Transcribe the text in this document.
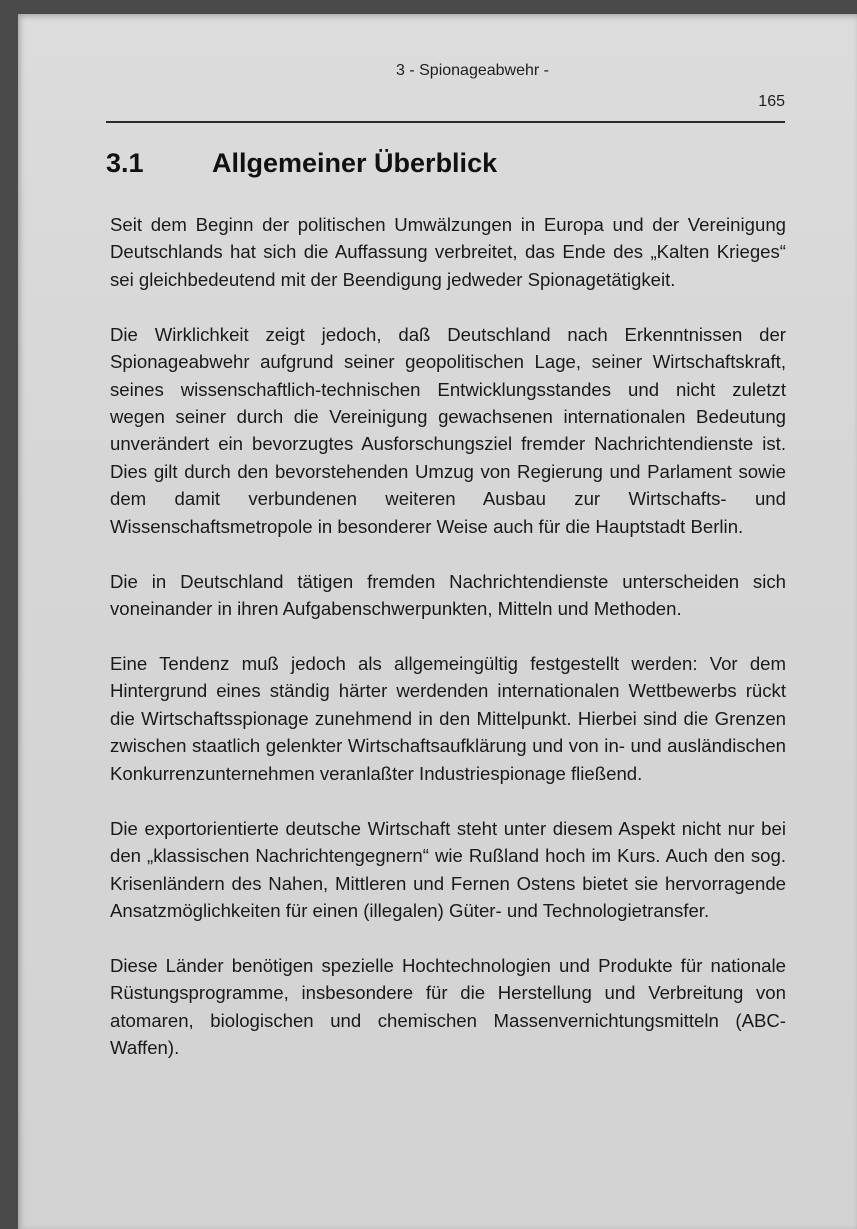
3 - Spionageabwehr -
165
3.1	Allgemeiner Überblick

Seit dem Beginn der politischen Umwälzungen in Europa und der Vereinigung Deutschlands hat sich die Auffassung verbreitet, das Ende des „Kalten Krieges“ sei gleichbedeutend mit der Beendigung jedweder Spionagetätigkeit.

Die Wirklichkeit zeigt jedoch, daß Deutschland nach Erkenntnissen der Spionageabwehr aufgrund seiner geopolitischen Lage, seiner Wirtschaftskraft, seines wissenschaftlich-technischen Entwicklungsstandes und nicht zuletzt wegen seiner durch die Vereinigung gewachsenen internationalen Bedeutung unverändert ein bevorzugtes Ausforschungsziel fremder Nachrichtendienste ist. Dies gilt durch den bevorstehenden Umzug von Regierung und Parlament sowie dem damit verbundenen weiteren Ausbau zur Wirtschafts- und Wissenschaftsmetropole in besonderer Weise auch für die Hauptstadt Berlin.

Die in Deutschland tätigen fremden Nachrichtendienste unterscheiden sich voneinander in ihren Aufgabenschwerpunkten, Mitteln und Methoden.

Eine Tendenz muß jedoch als allgemeingültig festgestellt werden: Vor dem Hintergrund eines ständig härter werdenden internationalen Wettbewerbs rückt die Wirtschaftsspionage zunehmend in den Mittelpunkt. Hierbei sind die Grenzen zwischen staatlich gelenkter Wirtschaftsaufklärung und von in- und ausländischen Konkurrenzunternehmen veranlaßter Industriespionage fließend.

Die exportorientierte deutsche Wirtschaft steht unter diesem Aspekt nicht nur bei den „klassischen Nachrichtengegnern“ wie Rußland hoch im Kurs. Auch den sog. Krisenländern des Nahen, Mittleren und Fernen Ostens bietet sie hervorragende Ansatzmöglichkeiten für einen (illegalen) Güter- und Technologietransfer.

Diese Länder benötigen spezielle Hochtechnologien und Produkte für nationale Rüstungsprogramme, insbesondere für die Herstellung und Verbreitung von atomaren, biologischen und chemischen Massenvernichtungsmitteln (ABC-Waffen).
